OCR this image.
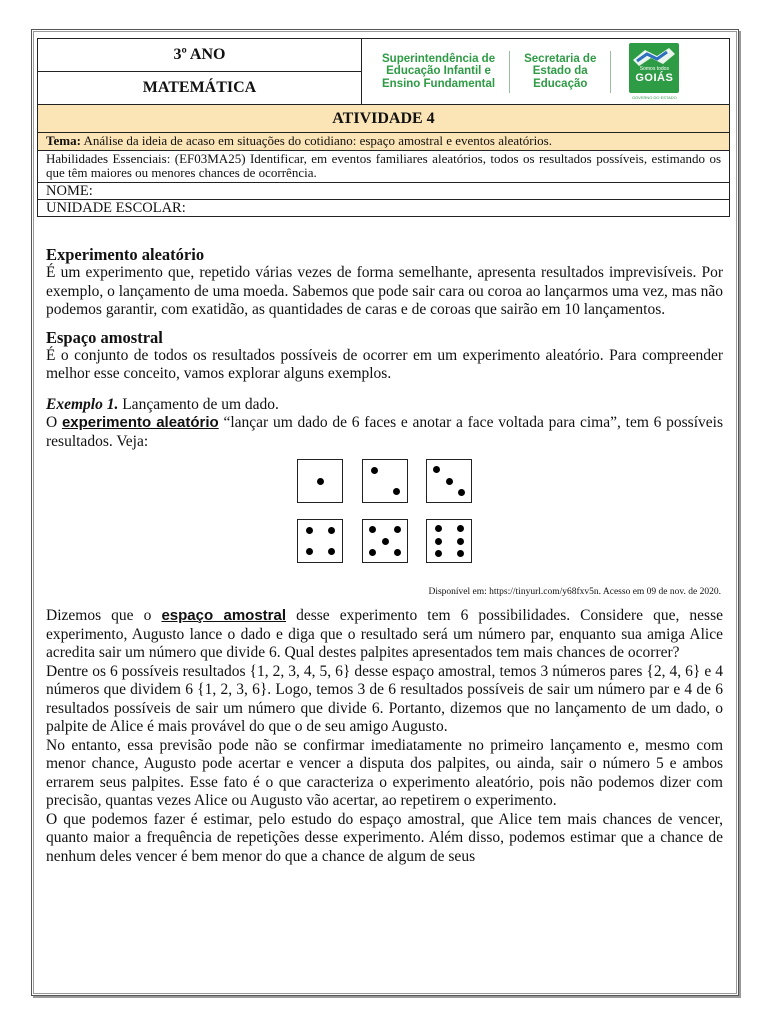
3º ANO
MATEMÁTICA
Superintendência de
Educação Infantil e
Ensino Fundamental
Secretaria de
Estado da
Educação
Somos todos
GOIÁS
GOVERNO DO ESTADO
ATIVIDADE 4
Tema: Análise da ideia de acaso em situações do cotidiano: espaço amostral e eventos aleatórios.
Habilidades Essenciais: (EF03MA25) Identificar, em eventos familiares aleatórios, todos os resultados possíveis, estimando os que têm maiores ou menores chances de ocorrência.
NOME:
UNIDADE ESCOLAR:
Experimento aleatório

É um experimento que, repetido várias vezes de forma semelhante, apresenta resultados imprevisíveis. Por exemplo, o lançamento de uma moeda. Sabemos que pode sair cara ou coroa ao lançarmos uma vez, mas não podemos garantir, com exatidão, as quantidades de caras e de coroas que sairão em 10 lançamentos.

Espaço amostral

É o conjunto de todos os resultados possíveis de ocorrer em um experimento aleatório. Para compreender melhor esse conceito, vamos explorar alguns exemplos.

Exemplo 1. Lançamento de um dado.

O experimento aleatório “lançar um dado de 6 faces e anotar a face voltada para cima”, tem 6 possíveis resultados. Veja:

Disponível em: https://tinyurl.com/y68fxv5n. Acesso em 09 de nov. de 2020.

Dizemos que o espaço amostral desse experimento tem 6 possibilidades. Considere que, nesse experimento, Augusto lance o dado e diga que o resultado será um número par, enquanto sua amiga Alice acredita sair um número que divide 6. Qual destes palpites apresentados tem mais chances de ocorrer?

Dentre os 6 possíveis resultados {1, 2, 3, 4, 5, 6} desse espaço amostral, temos 3 números pares {2, 4, 6} e 4 números que dividem 6 {1, 2, 3, 6}. Logo, temos 3 de 6 resultados possíveis de sair um número par e 4 de 6 resultados possíveis de sair um número que divide 6. Portanto, dizemos que no lançamento de um dado, o palpite de Alice é mais provável do que o de seu amigo Augusto.

No entanto, essa previsão pode não se confirmar imediatamente no primeiro lançamento e, mesmo com menor chance, Augusto pode acertar e vencer a disputa dos palpites, ou ainda, sair o número 5 e ambos errarem seus palpites. Esse fato é o que caracteriza o experimento aleatório, pois não podemos dizer com precisão, quantas vezes Alice ou Augusto vão acertar, ao repetirem o experimento.

O que podemos fazer é estimar, pelo estudo do espaço amostral, que Alice tem mais chances de vencer, quanto maior a frequência de repetições desse experimento. Além disso, podemos estimar que a chance de nenhum deles vencer é bem menor do que a chance de algum de seus
